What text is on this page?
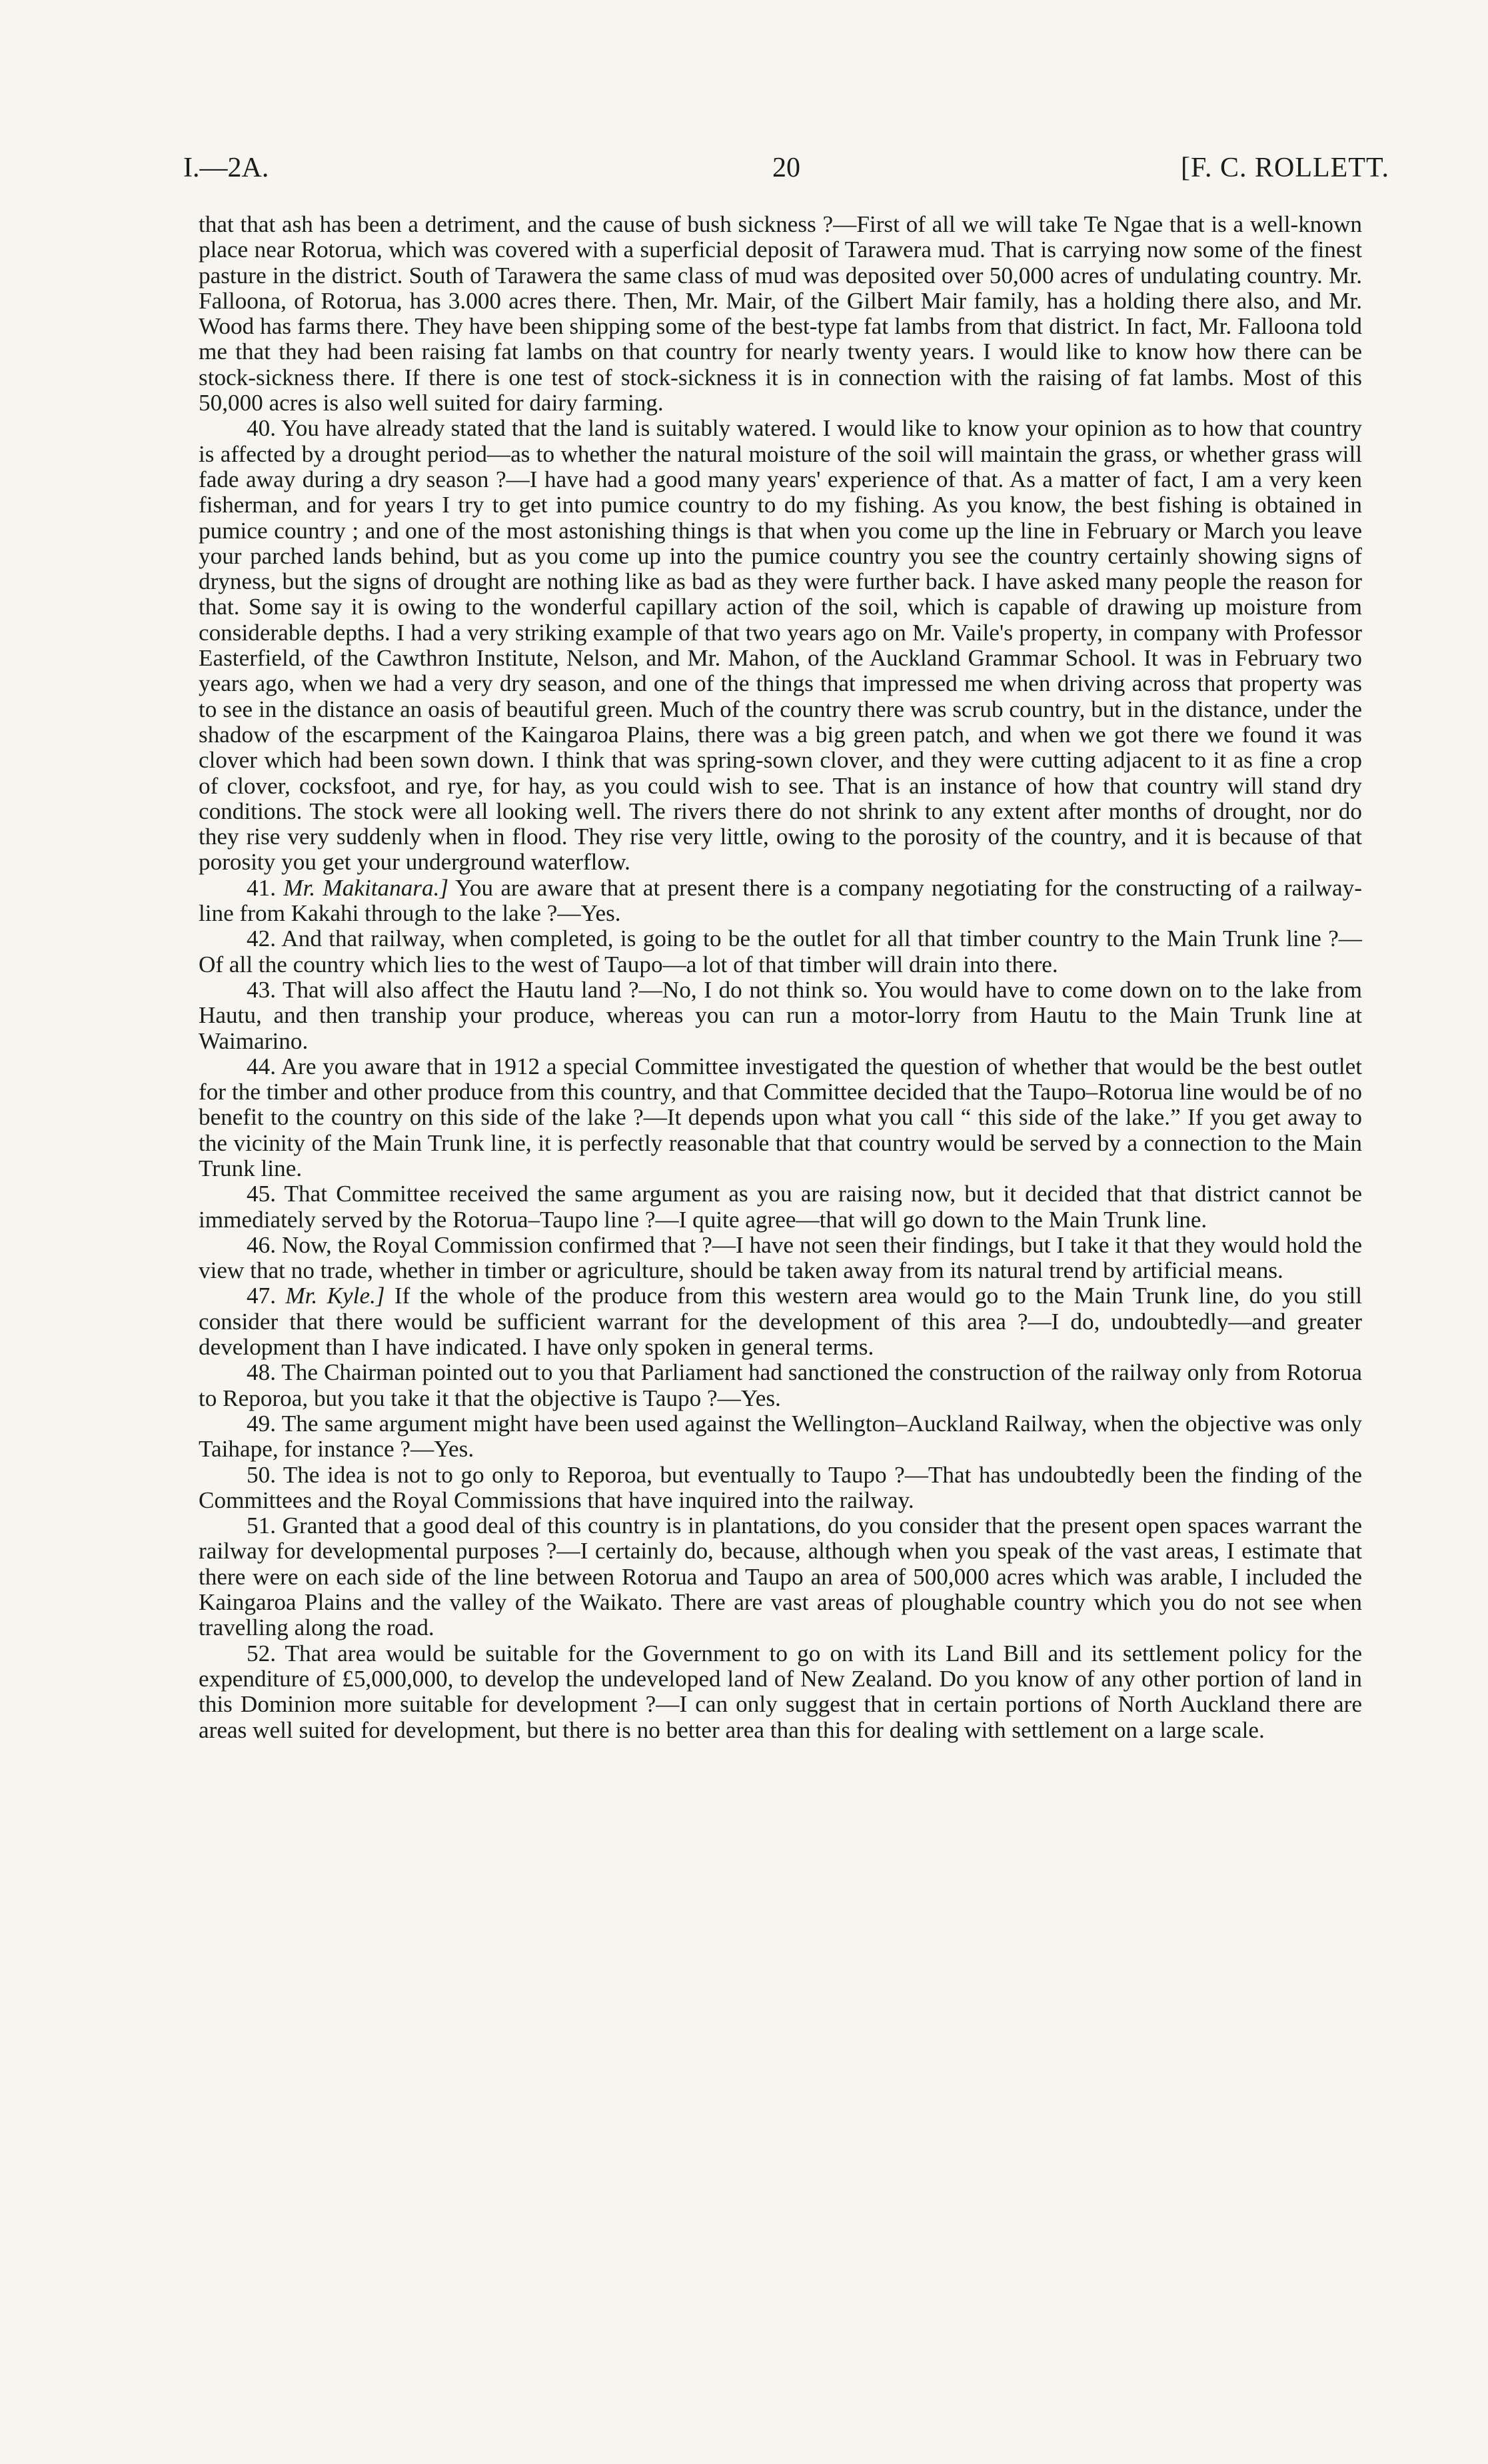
I.—2A.	20	[F. C. ROLLETT.

that that ash has been a detriment, and the cause of bush sickness ?—First of all we will take Te Ngae that is a well-known place near Rotorua, which was covered with a superficial deposit of Tarawera mud. That is carrying now some of the finest pasture in the district. South of Tarawera the same class of mud was deposited over 50,000 acres of undulating country. Mr. Falloona, of Rotorua, has 3.000 acres there. Then, Mr. Mair, of the Gilbert Mair family, has a holding there also, and Mr. Wood has farms there. They have been shipping some of the best-type fat lambs from that district. In fact, Mr. Falloona told me that they had been raising fat lambs on that country for nearly twenty years. I would like to know how there can be stock-sickness there. If there is one test of stock-sickness it is in connection with the raising of fat lambs. Most of this 50,000 acres is also well suited for dairy farming.

40. You have already stated that the land is suitably watered. I would like to know your opinion as to how that country is affected by a drought period—as to whether the natural moisture of the soil will maintain the grass, or whether grass will fade away during a dry season ?—I have had a good many years' experience of that. As a matter of fact, I am a very keen fisherman, and for years I try to get into pumice country to do my fishing. As you know, the best fishing is obtained in pumice country ; and one of the most astonishing things is that when you come up the line in February or March you leave your parched lands behind, but as you come up into the pumice country you see the country certainly showing signs of dryness, but the signs of drought are nothing like as bad as they were further back. I have asked many people the reason for that. Some say it is owing to the wonderful capillary action of the soil, which is capable of drawing up moisture from considerable depths. I had a very striking example of that two years ago on Mr. Vaile's property, in company with Professor Easterfield, of the Cawthron Institute, Nelson, and Mr. Mahon, of the Auckland Grammar School. It was in February two years ago, when we had a very dry season, and one of the things that impressed me when driving across that property was to see in the distance an oasis of beautiful green. Much of the country there was scrub country, but in the distance, under the shadow of the escarpment of the Kaingaroa Plains, there was a big green patch, and when we got there we found it was clover which had been sown down. I think that was spring-sown clover, and they were cutting adjacent to it as fine a crop of clover, cocksfoot, and rye, for hay, as you could wish to see. That is an instance of how that country will stand dry conditions. The stock were all looking well. The rivers there do not shrink to any extent after months of drought, nor do they rise very suddenly when in flood. They rise very little, owing to the porosity of the country, and it is because of that porosity you get your underground waterflow.

41. Mr. Makitanara.] You are aware that at present there is a company negotiating for the constructing of a railway-line from Kakahi through to the lake ?—Yes.

42. And that railway, when completed, is going to be the outlet for all that timber country to the Main Trunk line ?—Of all the country which lies to the west of Taupo—a lot of that timber will drain into there.

43. That will also affect the Hautu land ?—No, I do not think so. You would have to come down on to the lake from Hautu, and then tranship your produce, whereas you can run a motor-lorry from Hautu to the Main Trunk line at Waimarino.

44. Are you aware that in 1912 a special Committee investigated the question of whether that would be the best outlet for the timber and other produce from this country, and that Committee decided that the Taupo–Rotorua line would be of no benefit to the country on this side of the lake ?—It depends upon what you call “ this side of the lake.” If you get away to the vicinity of the Main Trunk line, it is perfectly reasonable that that country would be served by a connection to the Main Trunk line.

45. That Committee received the same argument as you are raising now, but it decided that that district cannot be immediately served by the Rotorua–Taupo line ?—I quite agree—that will go down to the Main Trunk line.

46. Now, the Royal Commission confirmed that ?—I have not seen their findings, but I take it that they would hold the view that no trade, whether in timber or agriculture, should be taken away from its natural trend by artificial means.

47. Mr. Kyle.] If the whole of the produce from this western area would go to the Main Trunk line, do you still consider that there would be sufficient warrant for the development of this area ?—I do, undoubtedly—and greater development than I have indicated. I have only spoken in general terms.

48. The Chairman pointed out to you that Parliament had sanctioned the construction of the railway only from Rotorua to Reporoa, but you take it that the objective is Taupo ?—Yes.

49. The same argument might have been used against the Wellington–Auckland Railway, when the objective was only Taihape, for instance ?—Yes.

50. The idea is not to go only to Reporoa, but eventually to Taupo ?—That has undoubtedly been the finding of the Committees and the Royal Commissions that have inquired into the railway.

51. Granted that a good deal of this country is in plantations, do you consider that the present open spaces warrant the railway for developmental purposes ?—I certainly do, because, although when you speak of the vast areas, I estimate that there were on each side of the line between Rotorua and Taupo an area of 500,000 acres which was arable, I included the Kaingaroa Plains and the valley of the Waikato. There are vast areas of ploughable country which you do not see when travelling along the road.

52. That area would be suitable for the Government to go on with its Land Bill and its settlement policy for the expenditure of £5,000,000, to develop the undeveloped land of New Zealand. Do you know of any other portion of land in this Dominion more suitable for development ?—I can only suggest that in certain portions of North Auckland there are areas well suited for development, but there is no better area than this for dealing with settlement on a large scale.
